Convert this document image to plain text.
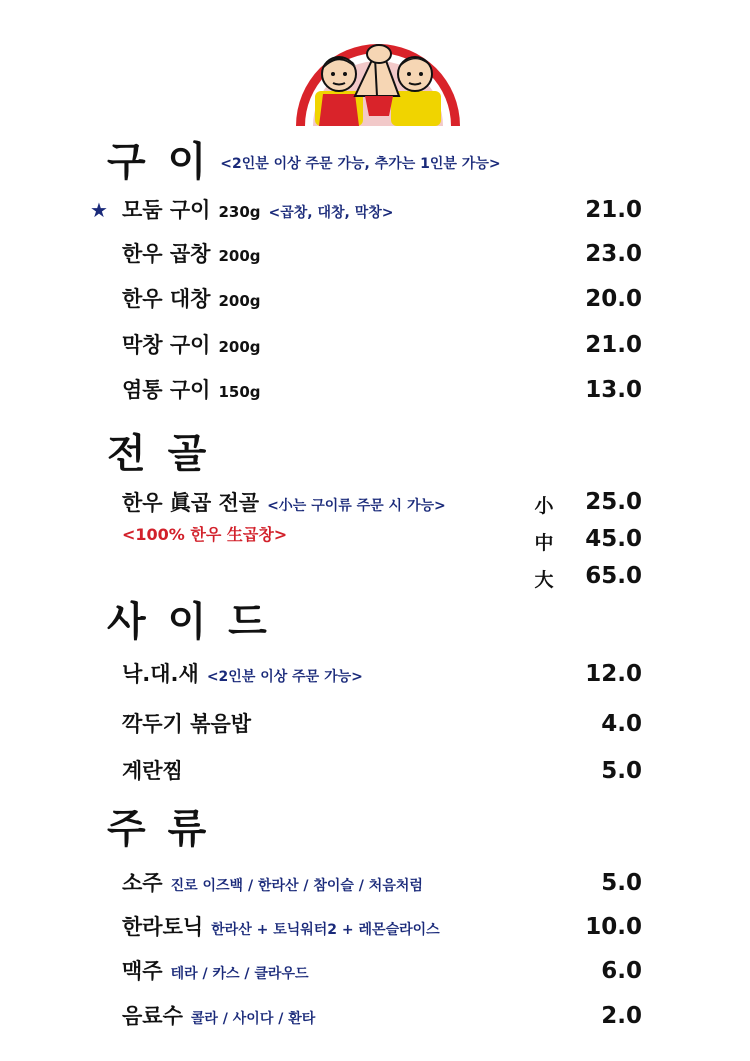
구 이 <2인분 이상 주문 가능, 추가는 1인분 가능>
★ 모둠 구이 230g <곱창, 대창, 막창>	21.0
한우 곱창 200g	23.0
한우 대창 200g	20.0
막창 구이 200g	21.0
염통 구이 150g	13.0
전 골
한우 眞곱 전골 <小는 구이류 주문 시 가능>
<100% 한우 生곱창>
小	25.0
中	45.0
大	65.0
사 이 드
낙.대.새 <2인분 이상 주문 가능>	12.0
깍두기 볶음밥	4.0
계란찜	5.0
주 류
소주 진로 이즈백 / 한라산 / 참이슬 / 처음처럼	5.0
한라토닉 한라산 + 토닉워터2 + 레몬슬라이스	10.0
맥주 테라 / 카스 / 클라우드	6.0
음료수 콜라 / 사이다 / 환타	2.0
